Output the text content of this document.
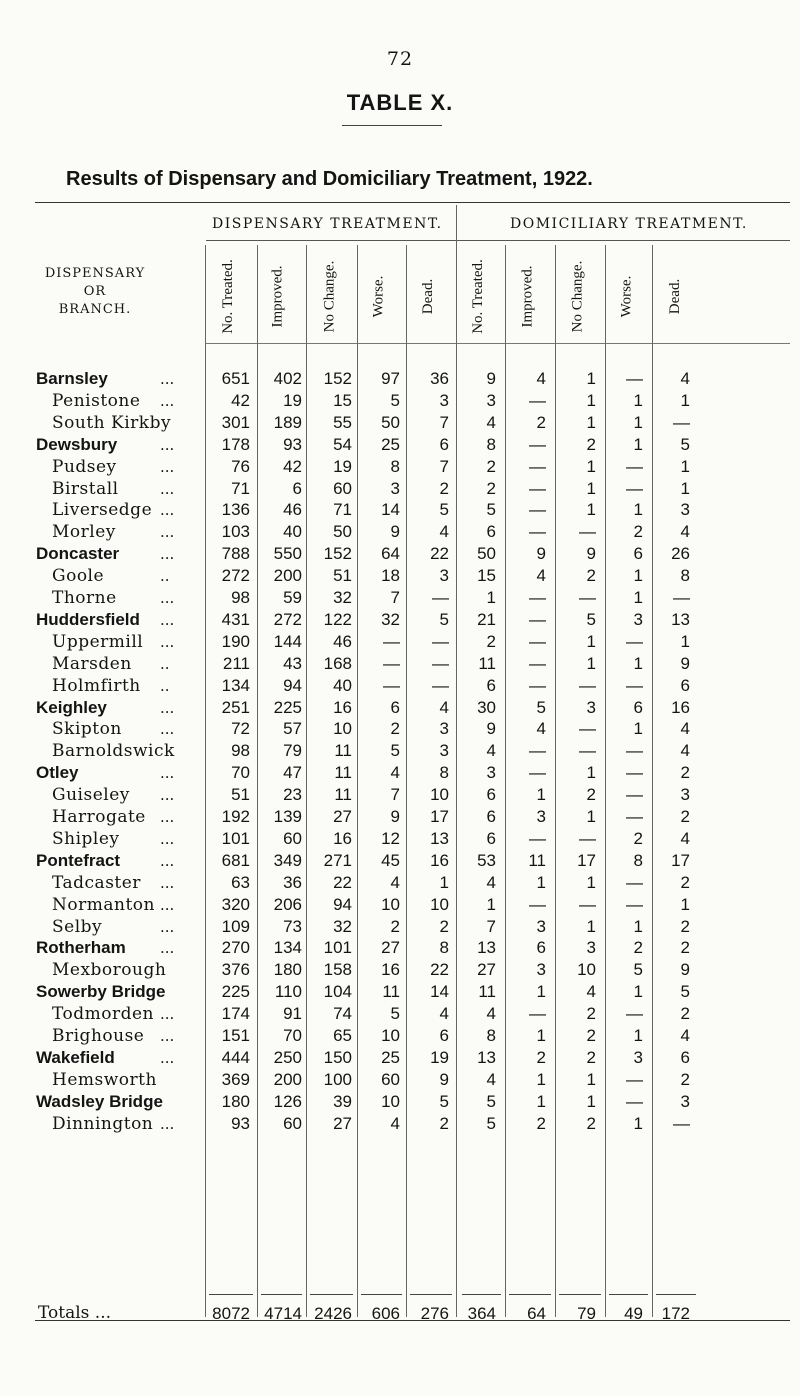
72
TABLE X.
Results of Dispensary and Domiciliary Treatment, 1922.
DISPENSARY TREATMENT.	DOMICILIARY TREATMENT.
DISPENSARY
OR
BRANCH.	No. Treated. Improved. No Change. Worse. Dead. No. Treated. Improved. No Change. Worse. Dead.
Barnsley	...	651	402	152	97	36	9	4	1	—	4
Penistone ...	42	19	15	5	3	3	—	1	1	1
South Kirkby	301	189	55	50	7	4	2	1	1	—
Dewsbury	...	178	93	54	25	6	8	—	2	1	5
Pudsey	...	76	42	19	8	7	2	—	1	—	1
Birstall	...	71	6	60	3	2	2	—	1	—	1
Liversedge ...	136	46	71	14	5	5	—	1	1	3
Morley	...	103	40	50	9	4	6	—	—	2	4
Doncaster	...	788	550	152	64	22	50	9	9	6	26
Goole	..	272	200	51	18	3	15	4	2	1	8
Thorne	...	98	59	32	7	—	1	—	—	1	—
Huddersfield ...	431	272	122	32	5	21	—	5	3	13
Uppermill ...	190	144	46	—	—	2	—	1	—	1
Marsden ..	211	43	168	—	—	11	—	1	1	9
Holmfirth ..	134	94	40	—	—	6	—	—	—	6
Keighley	...	251	225	16	6	4	30	5	3	6	16
Skipton	...	72	57	10	2	3	9	4	—	1	4
Barnoldswick	98	79	11	5	3	4	—	—	—	4
Otley	...	70	47	11	4	8	3	—	1	—	2
Guiseley ...	51	23	11	7	10	6	1	2	—	3
Harrogate ...	192	139	27	9	17	6	3	1	—	2
Shipley	...	101	60	16	12	13	6	—	—	2	4
Pontefract	...	681	349	271	45	16	53	11	17	8	17
Tadcaster ...	63	36	22	4	1	4	1	1	—	2
Normanton ...	320	206	94	10	10	1	—	—	—	1
Selby	...	109	73	32	2	2	7	3	1	1	2
Rotherham ...	270	134	101	27	8	13	6	3	2	2
Mexborough	376	180	158	16	22	27	3	10	5	9
Sowerby Bridge	225	110	104	11	14	11	1	4	1	5
Todmorden ...	174	91	74	5	4	4	—	2	—	2
Brighouse ...	151	70	65	10	6	8	1	2	1	4
Wakefield	...	444	250	150	25	19	13	2	2	3	6
Hemsworth	369	200	100	60	9	4	1	1	—	2
Wadsley Bridge	180	126	39	10	5	5	1	1	—	3
Dinnington ...	93	60	27	4	2	5	2	2	1	—
Totals ...	8072 4714 2426	606	276	364	64	79	49	172
